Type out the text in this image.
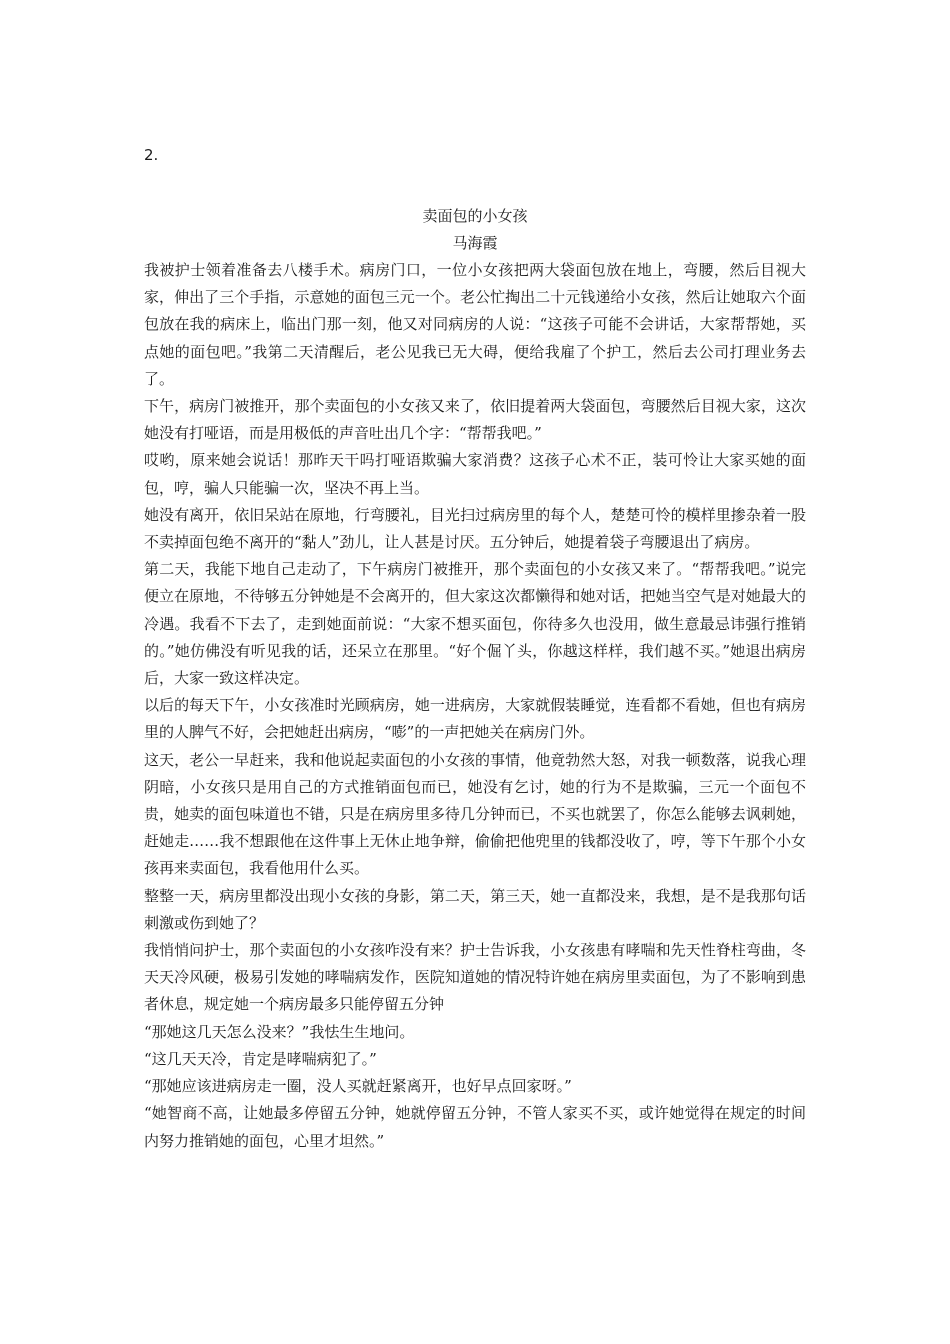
2.
卖面包的小女孩
马海霞

我被护士领着准备去八楼手术。病房门口，一位小女孩把两大袋面包放在地上，弯腰，然后目视大家，伸出了三个手指，示意她的面包三元一个。老公忙掏出二十元钱递给小女孩，然后让她取六个面包放在我的病床上，临出门那一刻，他又对同病房的人说：“这孩子可能不会讲话，大家帮帮她，买点她的面包吧。”我第二天清醒后，老公见我已无大碍，便给我雇了个护工，然后去公司打理业务去了。

下午，病房门被推开，那个卖面包的小女孩又来了，依旧提着两大袋面包，弯腰然后目视大家，这次她没有打哑语，而是用极低的声音吐出几个字：“帮帮我吧。”

哎哟，原来她会说话！那昨天干吗打哑语欺骗大家消费？这孩子心术不正，装可怜让大家买她的面包，哼，骗人只能骗一次，坚决不再上当。

她没有离开，依旧呆站在原地，行弯腰礼，目光扫过病房里的每个人，楚楚可怜的模样里掺杂着一股不卖掉面包绝不离开的“黏人”劲儿，让人甚是讨厌。五分钟后，她提着袋子弯腰退出了病房。

第二天，我能下地自己走动了，下午病房门被推开，那个卖面包的小女孩又来了。“帮帮我吧。”说完便立在原地，不待够五分钟她是不会离开的，但大家这次都懒得和她对话，把她当空气是对她最大的冷遇。我看不下去了，走到她面前说：“大家不想买面包，你待多久也没用，做生意最忌讳强行推销的。”她仿佛没有听见我的话，还呆立在那里。“好个倔丫头，你越这样样，我们越不买。”她退出病房后，大家一致这样决定。

以后的每天下午，小女孩准时光顾病房，她一进病房，大家就假装睡觉，连看都不看她，但也有病房里的人脾气不好，会把她赶出病房，“嘭”的一声把她关在病房门外。

这天，老公一早赶来，我和他说起卖面包的小女孩的事情，他竟勃然大怒，对我一顿数落，说我心理阴暗，小女孩只是用自己的方式推销面包而已，她没有乞讨，她的行为不是欺骗，三元一个面包不贵，她卖的面包味道也不错，只是在病房里多待几分钟而已，不买也就罢了，你怎么能够去讽刺她，赶她走……我不想跟他在这件事上无休止地争辩，偷偷把他兜里的钱都没收了，哼，等下午那个小女孩再来卖面包，我看他用什么买。

整整一天，病房里都没出现小女孩的身影，第二天，第三天，她一直都没来，我想，是不是我那句话刺激或伤到她了？

我悄悄问护士，那个卖面包的小女孩咋没有来？护士告诉我，小女孩患有哮喘和先天性脊柱弯曲，冬天天冷风硬，极易引发她的哮喘病发作，医院知道她的情况特许她在病房里卖面包，为了不影响到患者休息，规定她一个病房最多只能停留五分钟

“那她这几天怎么没来？”我怯生生地问。

“这几天天冷，肯定是哮喘病犯了。”

“那她应该进病房走一圈，没人买就赶紧离开，也好早点回家呀。”

“她智商不高，让她最多停留五分钟，她就停留五分钟，不管人家买不买，或许她觉得在规定的时间内努力推销她的面包，心里才坦然。”
